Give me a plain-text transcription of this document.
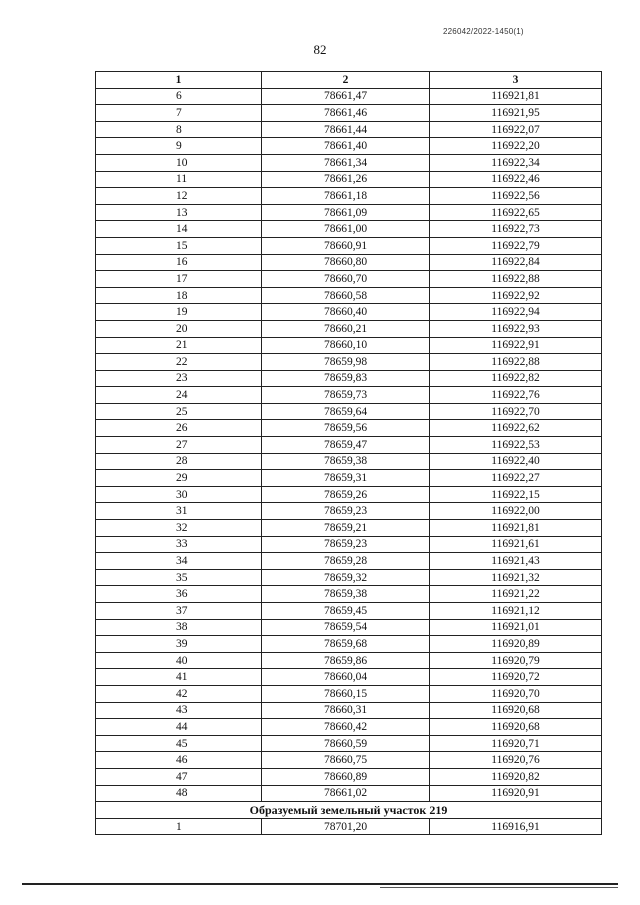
226042/2022-1450(1)
82
1	2	3
6	78661,47	116921,81
7	78661,46	116921,95
8	78661,44	116922,07
9	78661,40	116922,20
10	78661,34	116922,34
11	78661,26	116922,46
12	78661,18	116922,56
13	78661,09	116922,65
14	78661,00	116922,73
15	78660,91	116922,79
16	78660,80	116922,84
17	78660,70	116922,88
18	78660,58	116922,92
19	78660,40	116922,94
20	78660,21	116922,93
21	78660,10	116922,91
22	78659,98	116922,88
23	78659,83	116922,82
24	78659,73	116922,76
25	78659,64	116922,70
26	78659,56	116922,62
27	78659,47	116922,53
28	78659,38	116922,40
29	78659,31	116922,27
30	78659,26	116922,15
31	78659,23	116922,00
32	78659,21	116921,81
33	78659,23	116921,61
34	78659,28	116921,43
35	78659,32	116921,32
36	78659,38	116921,22
37	78659,45	116921,12
38	78659,54	116921,01
39	78659,68	116920,89
40	78659,86	116920,79
41	78660,04	116920,72
42	78660,15	116920,70
43	78660,31	116920,68
44	78660,42	116920,68
45	78660,59	116920,71
46	78660,75	116920,76
47	78660,89	116920,82
48	78661,02	116920,91
Образуемый земельный участок 219		
1	78701,20	116916,91
